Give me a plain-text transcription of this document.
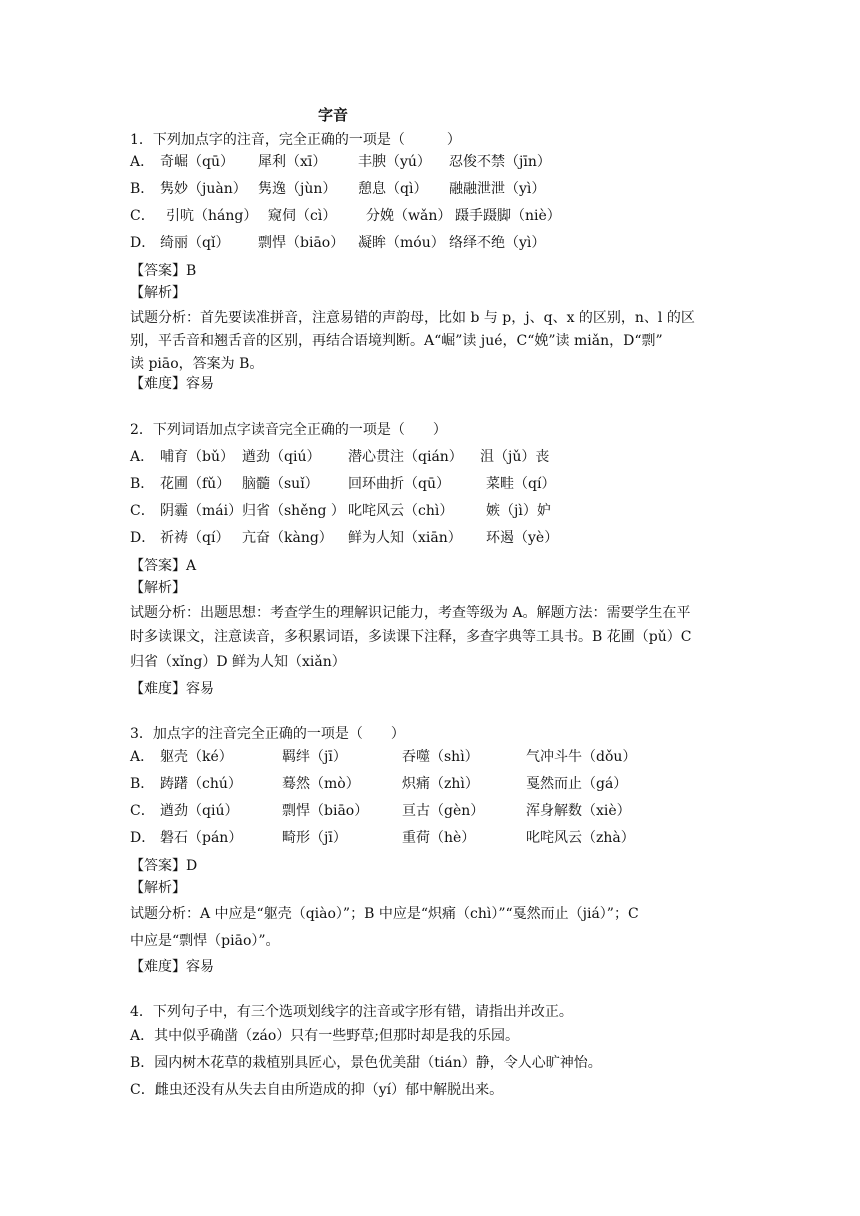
字音
1．下列加点字的注音，完全正确的一项是（　　　）
A． 奇崛（qū） 犀利（xī） 丰腴（yú） 忍俊不禁（jīn）
B． 隽妙（juàn） 隽逸（jùn） 憩息（qì） 融融泄泄（yì）
C． 引吭（háng） 窥伺（cì） 分娩（wǎn） 蹑手蹑脚（niè）
D． 绮丽（qǐ） 剽悍（biāo） 凝眸（móu） 络绎不绝（yì）
【答案】B
【解析】
试题分析：首先要读准拼音，注意易错的声韵母，比如 b 与 p，j、q、x 的区别，n、l 的区
别，平舌音和翘舌音的区别，再结合语境判断。A“崛”读 jué，C“娩”读 miǎn，D“剽”
读 piāo，答案为 B。
【难度】容易
2．下列词语加点字读音完全正确的一项是（　　）
A． 哺育（bǔ） 遒劲（qiú） 潜心贯注（qián） 沮（jǔ）丧
B． 花圃（fǔ） 脑髓（suǐ） 回环曲折（qū）	菜畦（qí）
C． 阴霾（mái） 归省（shěng ） 叱咤风云（chì） 嫉（jì）妒
D． 祈祷（qí） 亢奋（kàng） 鲜为人知（xiān） 环遏（yè）
【答案】A
【解析】
试题分析：出题思想：考查学生的理解识记能力，考查等级为 A。解题方法：需要学生在平
时多读课文，注意读音，多积累词语，多读课下注释，多查字典等工具书。B 花圃（pǔ）C
归省（xǐng）D 鲜为人知（xiǎn）
【难度】容易
3．加点字的注音完全正确的一项是（　　）
A． 躯壳（ké）	羁绊（jī）	吞噬（shì）	气冲斗牛（dǒu）
B． 踌躇（chú）	蓦然（mò）	炽痛（zhì）	戛然而止（gá）
C． 遒劲（qiú）	剽悍（biāo） 亘古（gèn）	浑身解数（xiè）
D． 磐石（pán）	畸形（jī）	重荷（hè）	叱咤风云（zhà）
【答案】D
【解析】
试题分析：A 中应是“躯壳（qiào）”；B 中应是“炽痛（chì）”“戛然而止（jiá）”；C
中应是“剽悍（piāo）”。
【难度】容易
4．下列句子中，有三个选项划线字的注音或字形有错，请指出并改正。
A．其中似乎确凿（záo）只有一些野草;但那时却是我的乐园。
B．园内树木花草的栽植别具匠心，景色优美甜（tián）静，令人心旷神怡。
C．雌虫还没有从失去自由所造成的抑（yí）郁中解脱出来。
